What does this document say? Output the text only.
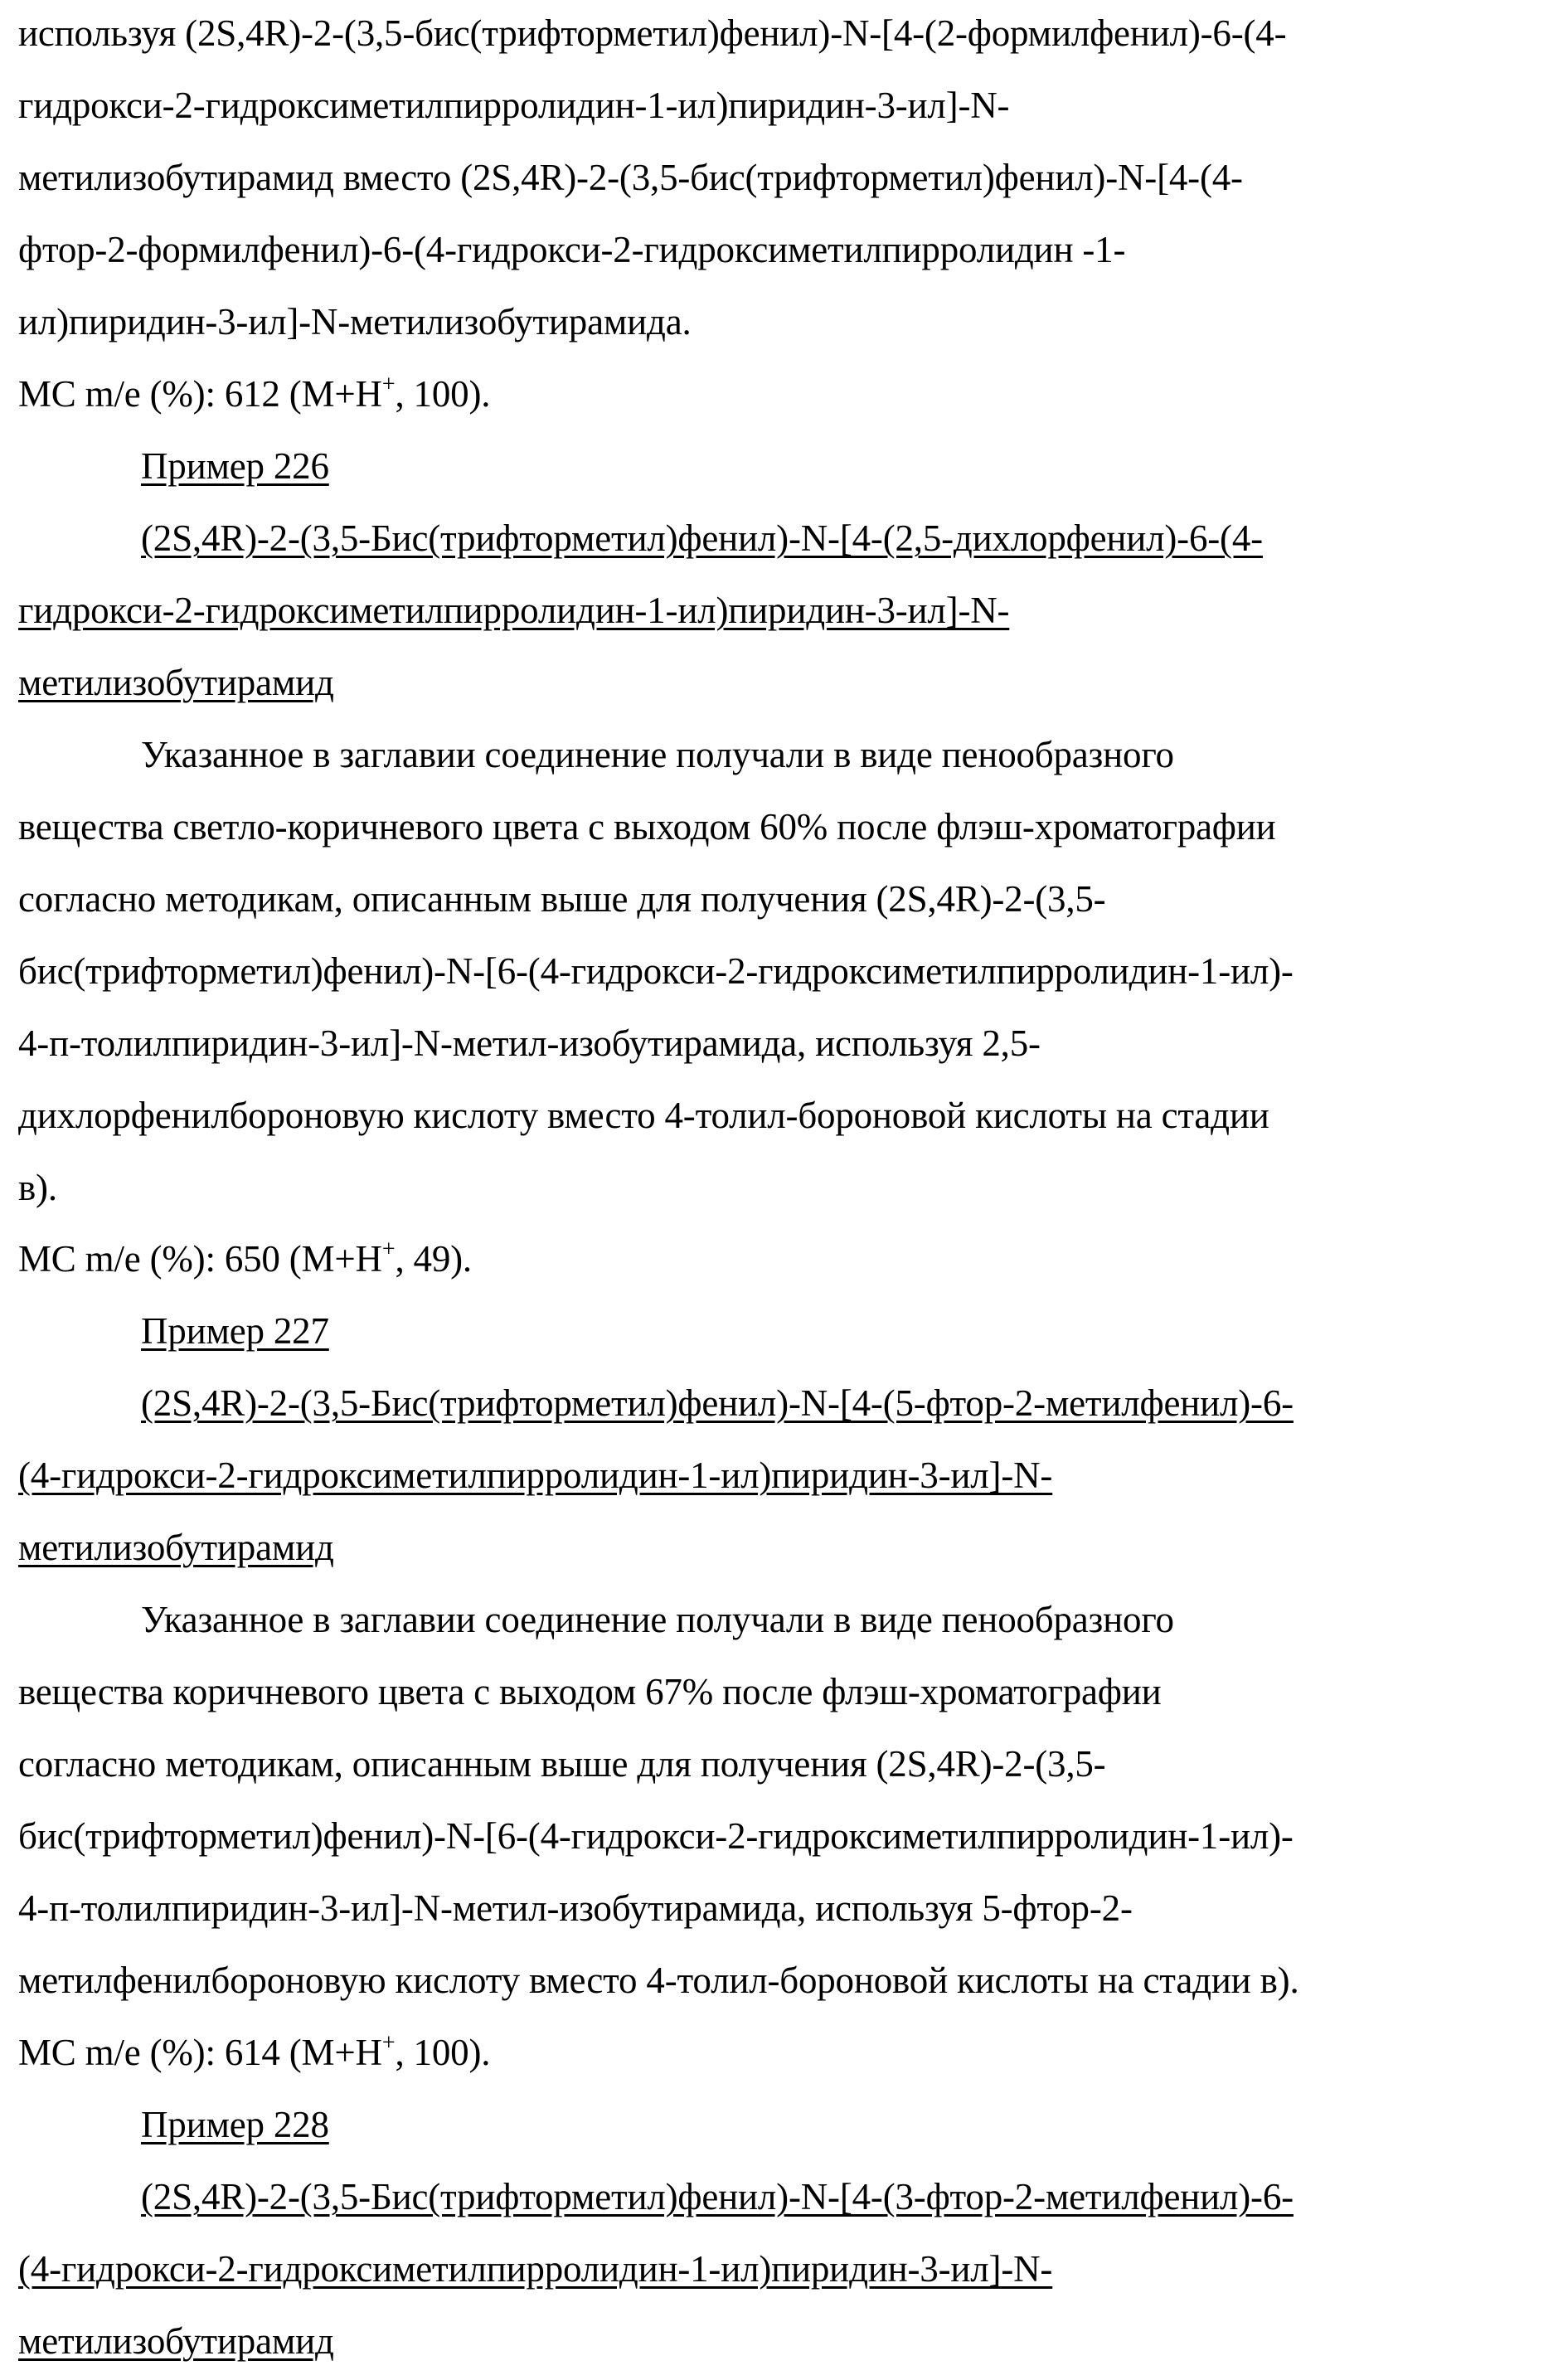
используя (2S,4R)-2-(3,5-бис(трифторметил)фенил)-N-[4-(2-формилфенил)-6-(4-
гидрокси-2-гидроксиметилпирролидин-1-ил)пиридин-3-ил]-N-
метилизобутирамид вместо (2S,4R)-2-(3,5-бис(трифторметил)фенил)-N-[4-(4-
фтор-2-формилфенил)-6-(4-гидрокси-2-гидроксиметилпирролидин -1-
ил)пиридин-3-ил]-N-метилизобутирамида.
МС m/e (%): 612 (M+H+, 100).
Пример 226
(2S,4R)-2-(3,5-Бис(трифторметил)фенил)-N-[4-(2,5-дихлорфенил)-6-(4-
гидрокси-2-гидроксиметилпирролидин-1-ил)пиридин-3-ил]-N-
метилизобутирамид
Указанное в заглавии соединение получали в виде пенообразного
вещества светло-коричневого цвета с выходом 60% после флэш-хроматографии
согласно методикам, описанным выше для получения (2S,4R)-2-(3,5-
бис(трифторметил)фенил)-N-[6-(4-гидрокси-2-гидроксиметилпирролидин-1-ил)-
4-п-толилпиридин-3-ил]-N-метил-изобутирамида, используя 2,5-
дихлорфенилбороновую кислоту вместо 4-толил-бороновой кислоты на стадии
в).
МС m/e (%): 650 (M+H+, 49).
Пример 227
(2S,4R)-2-(3,5-Бис(трифторметил)фенил)-N-[4-(5-фтор-2-метилфенил)-6-
(4-гидрокси-2-гидроксиметилпирролидин-1-ил)пиридин-3-ил]-N-
метилизобутирамид
Указанное в заглавии соединение получали в виде пенообразного
вещества коричневого цвета с выходом 67% после флэш-хроматографии
согласно методикам, описанным выше для получения (2S,4R)-2-(3,5-
бис(трифторметил)фенил)-N-[6-(4-гидрокси-2-гидроксиметилпирролидин-1-ил)-
4-п-толилпиридин-3-ил]-N-метил-изобутирамида, используя 5-фтор-2-
метилфенилбороновую кислоту вместо 4-толил-бороновой кислоты на стадии в).
МС m/e (%): 614 (M+H+, 100).
Пример 228
(2S,4R)-2-(3,5-Бис(трифторметил)фенил)-N-[4-(3-фтор-2-метилфенил)-6-
(4-гидрокси-2-гидроксиметилпирролидин-1-ил)пиридин-3-ил]-N-
метилизобутирамид
